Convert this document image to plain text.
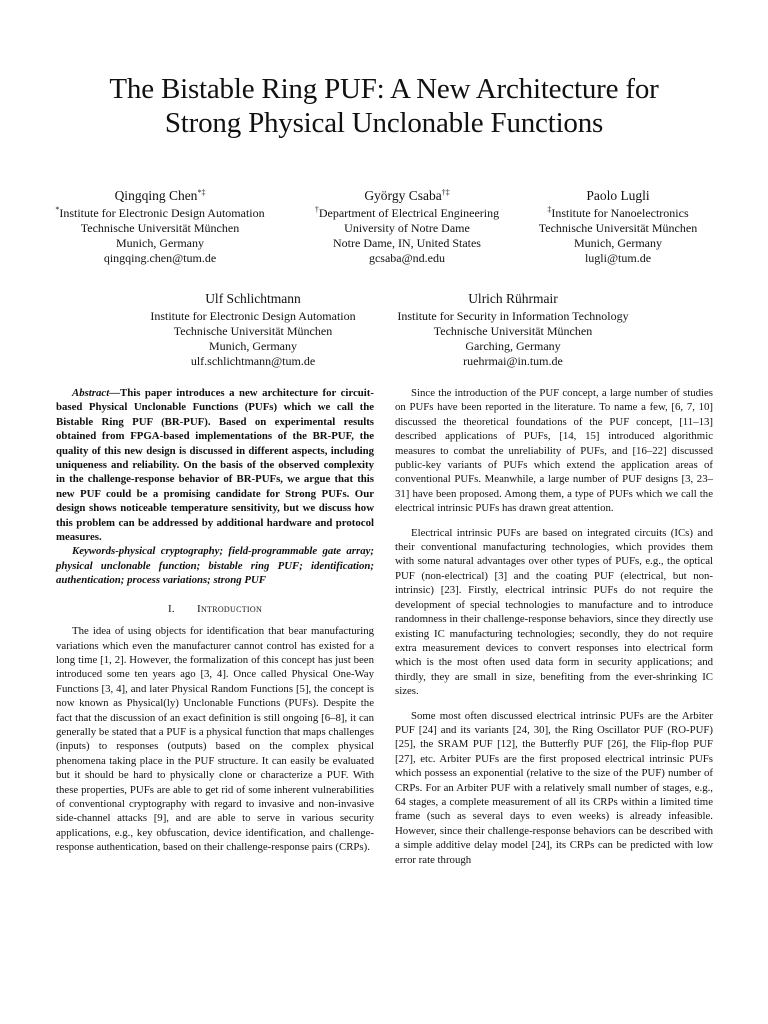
The Bistable Ring PUF: A New Architecture for
Strong Physical Unclonable Functions
Qingqing Chen*‡
*Institute for Electronic Design Automation
Technische Universität München
Munich, Germany
qingqing.chen@tum.de
György Csaba†‡
†Department of Electrical Engineering
University of Notre Dame
Notre Dame, IN, United States
gcsaba@nd.edu
Paolo Lugli
‡Institute for Nanoelectronics
Technische Universität München
Munich, Germany
lugli@tum.de
Ulf Schlichtmann
Institute for Electronic Design Automation
Technische Universität München
Munich, Germany
ulf.schlichtmann@tum.de
Ulrich Rührmair
Institute for Security in Information Technology
Technische Universität München
Garching, Germany
ruehrmai@in.tum.de

Abstract—This paper introduces a new architecture for circuit-based Physical Unclonable Functions (PUFs) which we call the Bistable Ring PUF (BR-PUF). Based on experimental results obtained from FPGA-based implementations of the BR-PUF, the quality of this new design is discussed in different aspects, including uniqueness and reliability. On the basis of the observed complexity in the challenge-response behavior of BR-PUFs, we argue that this new PUF could be a promising candidate for Strong PUFs. Our design shows noticeable temperature sensitivity, but we discuss how this problem can be addressed by additional hardware and protocol measures.

Keywords-physical cryptography; field-programmable gate array; physical unclonable function; bistable ring PUF; identification; authentication; process variations; strong PUF

I. Introduction

The idea of using objects for identification that bear manufacturing variations which even the manufacturer cannot control has existed for a long time [1, 2]. However, the formalization of this concept has just been introduced some ten years ago [3, 4]. Once called Physical One-Way Functions [3, 4], and later Physical Random Functions [5], the concept is now known as Physical(ly) Unclonable Functions (PUFs). Despite the fact that the discussion of an exact definition is still ongoing [6–8], it can generally be stated that a PUF is a physical function that maps challenges (inputs) to responses (outputs) based on the complex physical phenomena taking place in the PUF structure. It can easily be evaluated but it should be hard to physically clone or characterize a PUF. With these properties, PUFs are able to get rid of some inherent vulnerabilities of conventional cryptography with regard to invasive and non-invasive side-channel attacks [9], and are able to serve in various security applications, e.g., key obfuscation, device identification, and challenge-response authentication, based on their challenge-response pairs (CRPs).

Since the introduction of the PUF concept, a large number of studies on PUFs have been reported in the literature. To name a few, [6, 7, 10] discussed the theoretical foundations of the PUF concept, [11–13] described applications of PUFs, [14, 15] introduced algorithmic measures to combat the unreliability of PUFs, and [16–22] discussed public-key variants of PUFs which extend the application areas of conventional PUFs. Meanwhile, a large number of PUF designs [3, 23–31] have been proposed. Among them, a type of PUFs which we call the electrical intrinsic PUFs has drawn great attention.

Electrical intrinsic PUFs are based on integrated circuits (ICs) and their conventional manufacturing technologies, which provides them with some natural advantages over other types of PUFs, e.g., the optical PUF (non-electrical) [3] and the coating PUF (electrical, but non-intrinsic) [23]. Firstly, electrical intrinsic PUFs do not require the development of special technologies to manufacture and to introduce randomness in their challenge-response behaviors, since they directly use existing IC manufacturing technologies; secondly, they do not require extra measurement devices to convert responses into electrical form which is the most often used data form in security applications; and thirdly, they are small in size, benefiting from the ever-shrinking IC sizes.

Some most often discussed electrical intrinsic PUFs are the Arbiter PUF [24] and its variants [24, 30], the Ring Oscillator PUF (RO-PUF) [25], the SRAM PUF [12], the Butterfly PUF [26], the Flip-flop PUF [27], etc. Arbiter PUFs are the first proposed electrical intrinsic PUFs which possess an exponential (relative to the size of the PUF) number of CRPs. For an Arbiter PUF with a relatively small number of stages, e.g., 64 stages, a complete measurement of all its CRPs within a limited time frame (such as several days to even weeks) is already infeasible. However, since their challenge-response behaviors can be described with a simple additive delay model [24], its CRPs can be predicted with low error rate through
